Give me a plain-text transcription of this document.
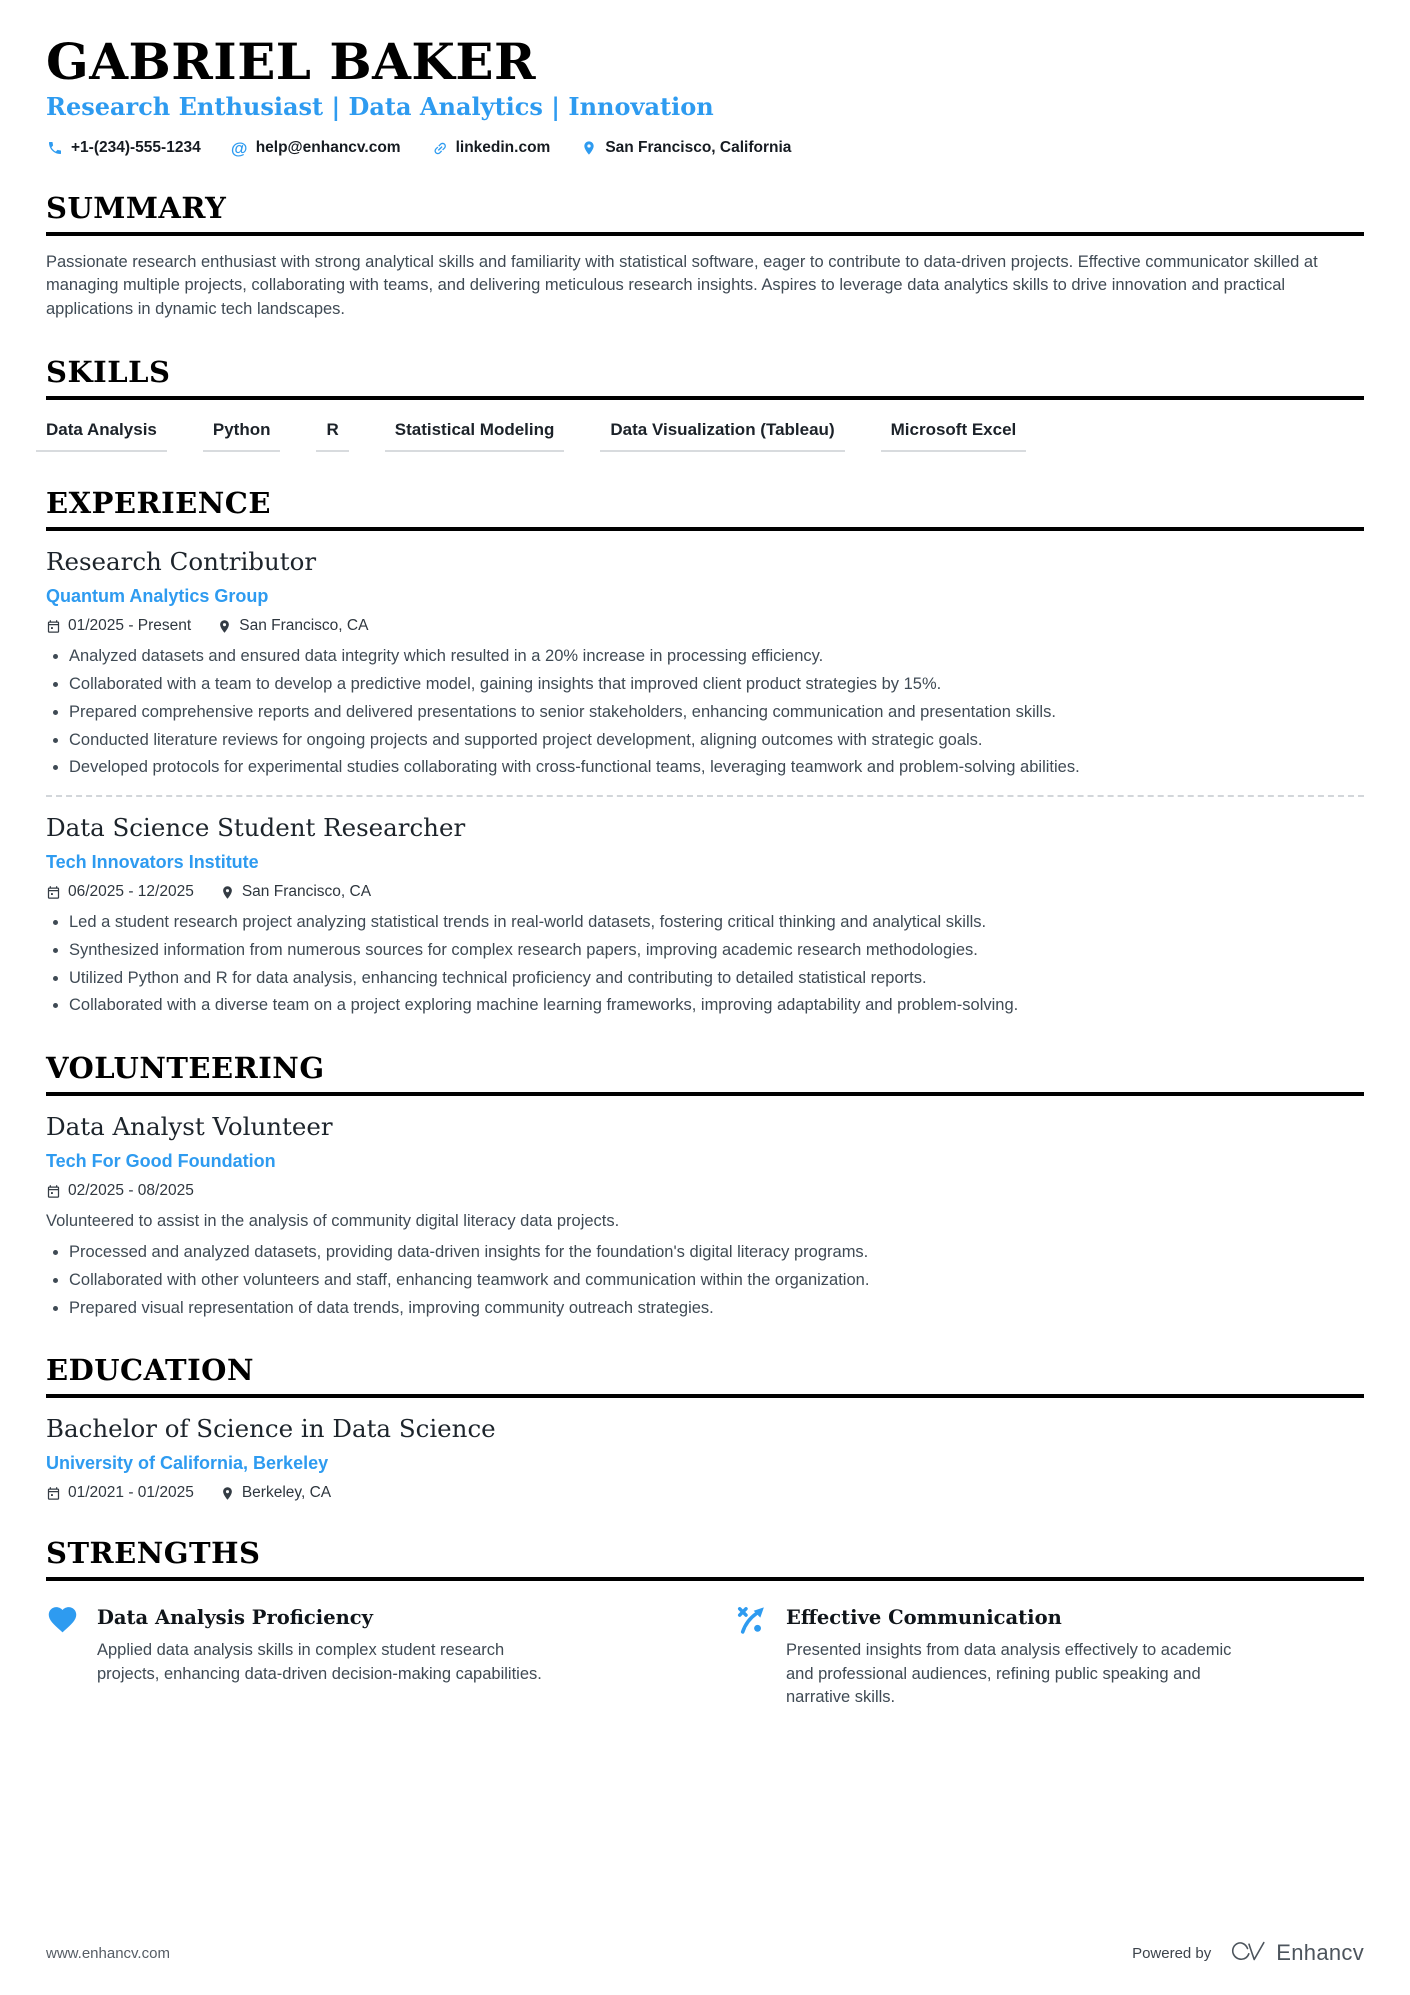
GABRIEL BAKER
Research Enthusiast | Data Analytics | Innovation
+1-(234)-555-1234 @ help@enhancv.com	linkedin.com	San Francisco, California
SUMMARY
Passionate research enthusiast with strong analytical skills and familiarity with statistical software, eager to contribute to data-driven projects. Effective communicator skilled at managing multiple projects, collaborating with teams, and delivering meticulous research insights. Aspires to leverage data analytics skills to drive innovation and practical applications in dynamic tech landscapes.
SKILLS
Data Analysis	Python	R	Statistical Modeling	Data Visualization (Tableau)	Microsoft Excel
EXPERIENCE
Research Contributor
Quantum Analytics Group
01/2025 - Present	San Francisco, CA
• Analyzed datasets and ensured data integrity which resulted in a 20% increase in processing efficiency.
• Collaborated with a team to develop a predictive model, gaining insights that improved client product strategies by 15%.
• Prepared comprehensive reports and delivered presentations to senior stakeholders, enhancing communication and presentation skills.
• Conducted literature reviews for ongoing projects and supported project development, aligning outcomes with strategic goals.
• Developed protocols for experimental studies collaborating with cross-functional teams, leveraging teamwork and problem-solving abilities.
Data Science Student Researcher
Tech Innovators Institute
06/2025 - 12/2025	San Francisco, CA
• Led a student research project analyzing statistical trends in real-world datasets, fostering critical thinking and analytical skills.
• Synthesized information from numerous sources for complex research papers, improving academic research methodologies.
• Utilized Python and R for data analysis, enhancing technical proficiency and contributing to detailed statistical reports.
• Collaborated with a diverse team on a project exploring machine learning frameworks, improving adaptability and problem-solving.
VOLUNTEERING
Data Analyst Volunteer
Tech For Good Foundation
02/2025 - 08/2025
Volunteered to assist in the analysis of community digital literacy data projects.
• Processed and analyzed datasets, providing data-driven insights for the foundation's digital literacy programs.
• Collaborated with other volunteers and staff, enhancing teamwork and communication within the organization.
• Prepared visual representation of data trends, improving community outreach strategies.
EDUCATION
Bachelor of Science in Data Science
University of California, Berkeley
01/2021 - 01/2025	Berkeley, CA
STRENGTHS
Data Analysis Proficiency
Applied data analysis skills in complex student research projects, enhancing data-driven decision-making capabilities.
Effective Communication
Presented insights from data analysis effectively to academic and professional audiences, refining public speaking and narrative skills.
www.enhancv.com	Powered by	Enhancv
